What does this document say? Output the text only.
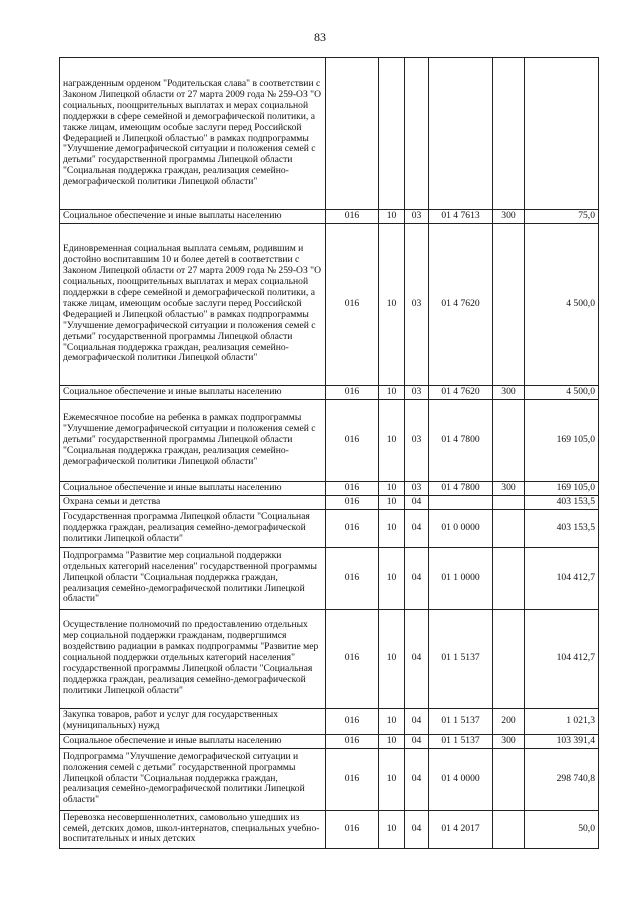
83
награжденным орденом "Родительская слава" в соответствии с Законом Липецкой области от 27 марта 2009 года № 259-ОЗ "О социальных, поощрительных выплатах и мерах социальной поддержки в сфере семейной и демографической политики, а также лицам, имеющим особые заслуги перед Российской Федерацией и Липецкой областью" в рамках подпрограммы "Улучшение демографической ситуации и положения семей с детьми" государственной программы Липецкой области "Социальная поддержка граждан, реализация семейно-демографической политики Липецкой области"						
Социальное обеспечение и иные выплаты населению	016	10	03	01 4 7613	300	75,0
Единовременная социальная выплата семьям, родившим и достойно воспитавшим 10 и более детей в соответствии с Законом Липецкой области от 27 марта 2009 года № 259-ОЗ "О социальных, поощрительных выплатах и мерах социальной поддержки в сфере семейной и демографической политики, а также лицам, имеющим особые заслуги перед Российской Федерацией и Липецкой областью" в рамках подпрограммы "Улучшение демографической ситуации и положения семей с детьми" государственной программы Липецкой области "Социальная поддержка граждан, реализация семейно-демографической политики Липецкой области"	016	10	03	01 4 7620		4 500,0
Социальное обеспечение и иные выплаты населению	016	10	03	01 4 7620	300	4 500,0
Ежемесячное пособие на ребенка в рамках подпрограммы "Улучшение демографической ситуации и положения семей с детьми" государственной программы Липецкой области "Социальная поддержка граждан, реализация семейно-демографической политики Липецкой области"	016	10	03	01 4 7800		169 105,0
Социальное обеспечение и иные выплаты населению	016	10	03	01 4 7800	300	169 105,0
Охрана семьи и детства	016	10	04			403 153,5
Государственная программа Липецкой области "Социальная поддержка граждан, реализация семейно-демографической политики Липецкой области"	016	10	04	01 0 0000		403 153,5
Подпрограмма "Развитие мер социальной поддержки отдельных категорий населения" государственной программы Липецкой области "Социальная поддержка граждан, реализация семейно-демографической политики Липецкой области"	016	10	04	01 1 0000		104 412,7
Осуществление полномочий по предоставлению отдельных мер социальной поддержки гражданам, подвергшимся воздействию радиации в рамках подпрограммы "Развитие мер социальной поддержки отдельных категорий населения" государственной программы Липецкой области "Социальная поддержка граждан, реализация семейно-демографической политики Липецкой области"	016	10	04	01 1 5137		104 412,7
Закупка товаров, работ и услуг для государственных (муниципальных) нужд	016	10	04	01 1 5137	200	1 021,3
Социальное обеспечение и иные выплаты населению	016	10	04	01 1 5137	300	103 391,4
Подпрограмма "Улучшение демографической ситуации и положения семей с детьми" государственной программы Липецкой области "Социальная поддержка граждан, реализация семейно-демографической политики Липецкой области"	016	10	04	01 4 0000		298 740,8
Перевозка несовершеннолетних, самовольно ушедших из семей, детских домов, школ-интернатов, специальных учебно-воспитательных и иных детских	016	10	04	01 4 2017		50,0
